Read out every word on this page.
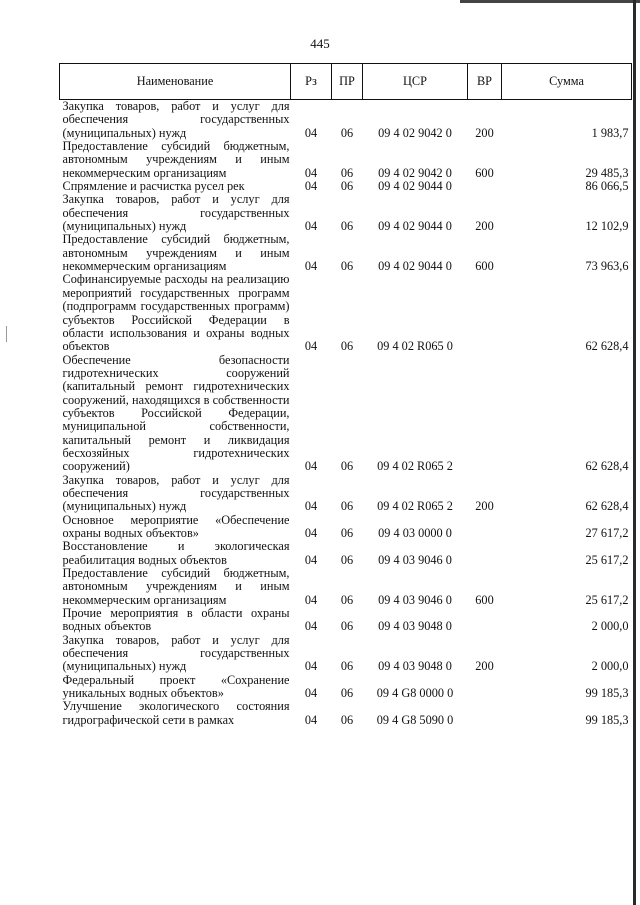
445
Наименование	Рз	ПР	ЦСР	ВР	Сумма
Закупка товаров, работ и услуг для обеспечения государственных (муниципальных) нужд	04	06	09 4 02 9042 0	200	1 983,7
Предоставление субсидий бюджетным, автономным учреждениям и иным некоммерческим организациям	04	06	09 4 02 9042 0	600	29 485,3
Спрямление и расчистка русел рек	04	06	09 4 02 9044 0		86 066,5
Закупка товаров, работ и услуг для обеспечения государственных (муниципальных) нужд	04	06	09 4 02 9044 0	200	12 102,9
Предоставление субсидий бюджетным, автономным учреждениям и иным некоммерческим организациям	04	06	09 4 02 9044 0	600	73 963,6
Софинансируемые расходы на реализацию мероприятий государственных программ (подпрограмм государственных программ) субъектов Российской Федерации в области использования и охраны водных объектов	04	06	09 4 02 R065 0		62 628,4
Обеспечение безопасности гидротехнических сооружений (капитальный ремонт гидротехнических сооружений, находящихся в собственности субъектов Российской Федерации, муниципальной собственности, капитальный ремонт и ликвидация бесхозяйных гидротехнических сооружений)	04	06	09 4 02 R065 2		62 628,4
Закупка товаров, работ и услуг для обеспечения государственных (муниципальных) нужд	04	06	09 4 02 R065 2	200	62 628,4
Основное мероприятие «Обеспечение охраны водных объектов»	04	06	09 4 03 0000 0		27 617,2
Восстановление и экологическая реабилитация водных объектов	04	06	09 4 03 9046 0		25 617,2
Предоставление субсидий бюджетным, автономным учреждениям и иным некоммерческим организациям	04	06	09 4 03 9046 0	600	25 617,2
Прочие мероприятия в области охраны водных объектов	04	06	09 4 03 9048 0		2 000,0
Закупка товаров, работ и услуг для обеспечения государственных (муниципальных) нужд	04	06	09 4 03 9048 0	200	2 000,0
Федеральный проект «Сохранение уникальных водных объектов»	04	06	09 4 G8 0000 0		99 185,3
Улучшение экологического состояния гидрографической сети в рамках	04	06	09 4 G8 5090 0		99 185,3
